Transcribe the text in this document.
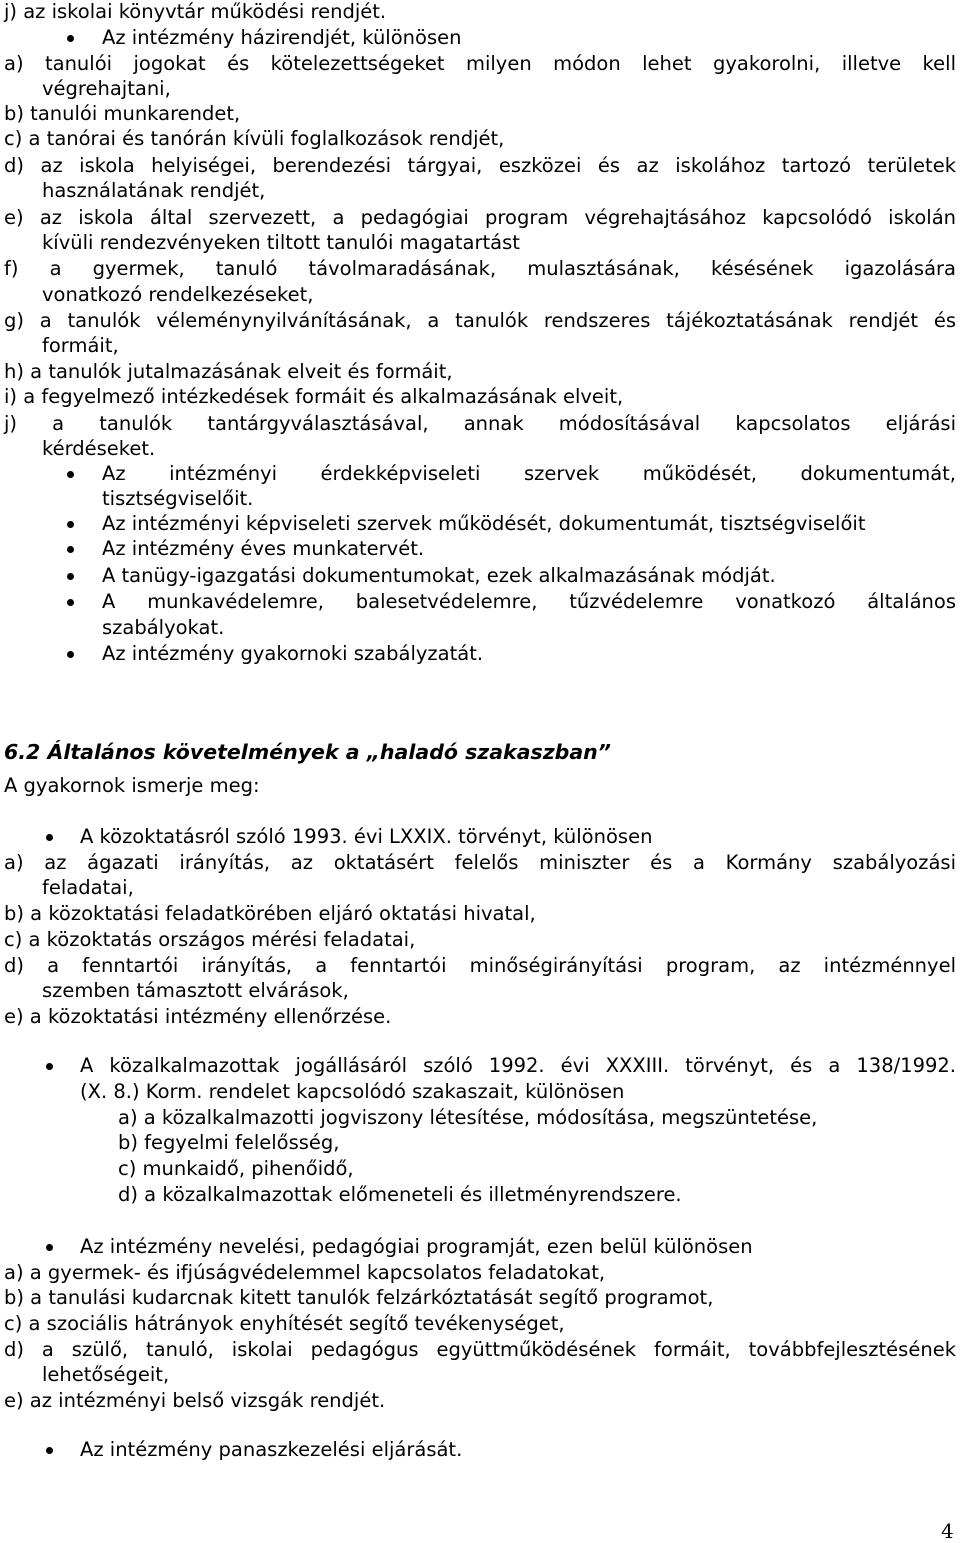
j) az iskolai könyvtár működési rendjét.
Az intézmény házirendjét, különösen
a) tanulói jogokat és kötelezettségeket milyen módon lehet gyakorolni, illetve kell
végrehajtani,
b) tanulói munkarendet,
c) a tanórai és tanórán kívüli foglalkozások rendjét,
d) az iskola helyiségei, berendezési tárgyai, eszközei és az iskolához tartozó területek
használatának rendjét,
e) az iskola által szervezett, a pedagógiai program végrehajtásához kapcsolódó iskolán
kívüli rendezvényeken tiltott tanulói magatartást
f) a gyermek, tanuló távolmaradásának, mulasztásának, késésének igazolására
vonatkozó rendelkezéseket,
g) a tanulók véleménynyilvánításának, a tanulók rendszeres tájékoztatásának rendjét és
formáit,
h) a tanulók jutalmazásának elveit és formáit,
i) a fegyelmező intézkedések formáit és alkalmazásának elveit,
j) a tanulók tantárgyválasztásával, annak módosításával kapcsolatos eljárási
kérdéseket.
Az intézményi érdekképviseleti szervek működését, dokumentumát,
tisztségviselőit.
Az intézményi képviseleti szervek működését, dokumentumát, tisztségviselőit
Az intézmény éves munkatervét.
A tanügy-igazgatási dokumentumokat, ezek alkalmazásának módját.
A munkavédelemre, balesetvédelemre, tűzvédelemre vonatkozó általános
szabályokat.
Az intézmény gyakornoki szabályzatát.
6.2 Általános követelmények a „haladó szakaszban”
A gyakornok ismerje meg:
A közoktatásról szóló 1993. évi LXXIX. törvényt, különösen
a) az ágazati irányítás, az oktatásért felelős miniszter és a Kormány szabályozási
feladatai,
b) a közoktatási feladatkörében eljáró oktatási hivatal,
c) a közoktatás országos mérési feladatai,
d) a fenntartói irányítás, a fenntartói minőségirányítási program, az intézménnyel
szemben támasztott elvárások,
e) a közoktatási intézmény ellenőrzése.
A közalkalmazottak jogállásáról szóló 1992. évi XXXIII. törvényt, és a 138/1992.
(X. 8.) Korm. rendelet kapcsolódó szakaszait, különösen
a) a közalkalmazotti jogviszony létesítése, módosítása, megszüntetése,
b) fegyelmi felelősség,
c) munkaidő, pihenőidő,
d) a közalkalmazottak előmeneteli és illetményrendszere.
Az intézmény nevelési, pedagógiai programját, ezen belül különösen
a) a gyermek- és ifjúságvédelemmel kapcsolatos feladatokat,
b) a tanulási kudarcnak kitett tanulók felzárkóztatását segítő programot,
c) a szociális hátrányok enyhítését segítő tevékenységet,
d) a szülő, tanuló, iskolai pedagógus együttműködésének formáit, továbbfejlesztésének
lehetőségeit,
e) az intézményi belső vizsgák rendjét.
Az intézmény panaszkezelési eljárását.
4
